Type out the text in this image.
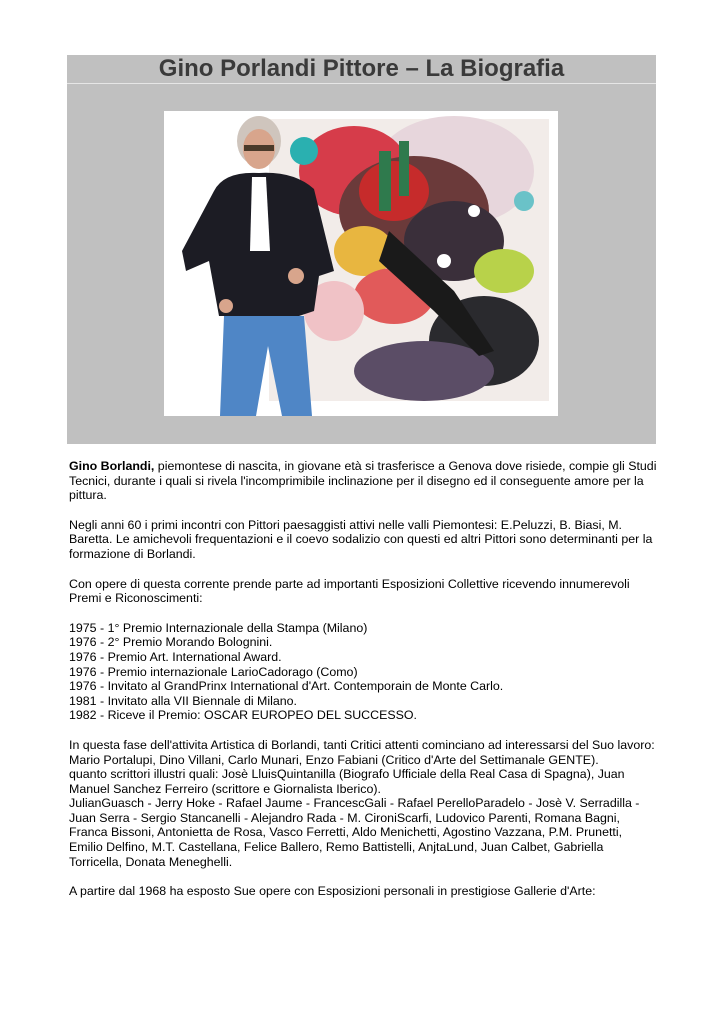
Gino Porlandi Pittore – La Biografia

Gino Borlandi, piemontese di nascita, in giovane età si trasferisce a Genova dove risiede, compie gli Studi Tecnici, durante i quali si rivela l'incomprimibile inclinazione per il disegno ed il conseguente amore per la pittura.

Negli anni 60 i primi incontri con Pittori paesaggisti attivi nelle valli Piemontesi: E.Peluzzi, B. Biasi, M. Baretta. Le amichevoli frequentazioni e il coevo sodalizio con questi ed altri Pittori sono determinanti per la formazione di Borlandi.

Con opere di questa corrente prende parte ad importanti Esposizioni Collettive ricevendo innumerevoli Premi e Riconoscimenti:

1975 - 1° Premio Internazionale della Stampa (Milano)

1976 - 2° Premio Morando Bolognini.

1976 - Premio Art. International Award.

1976 - Premio internazionale LarioCadorago (Como)

1976 - Invitato al GrandPrinx International d'Art. Contemporain de Monte Carlo.

1981 - Invitato alla VII Biennale di Milano.

1982 - Riceve il Premio: OSCAR EUROPEO DEL SUCCESSO.

In questa fase dell'attivita Artistica di Borlandi, tanti Critici attenti cominciano ad interessarsi del Suo lavoro:

Mario Portalupi, Dino Villani, Carlo Munari, Enzo Fabiani (Critico d'Arte del Settimanale GENTE).

quanto scrittori illustri quali: Josè LluisQuintanilla (Biografo Ufficiale della Real Casa di Spagna), Juan Manuel Sanchez Ferreiro (scrittore e Giornalista Iberico).

JulianGuasch - Jerry Hoke - Rafael Jaume - FrancescGali - Rafael PerelloParadelo - Josè V. Serradilla - Juan Serra - Sergio Stancanelli - Alejandro Rada - M. CironiScarfi, Ludovico Parenti, Romana Bagni, Franca Bissoni, Antonietta de Rosa, Vasco Ferretti, Aldo Menichetti, Agostino Vazzana, P.M. Prunetti, Emilio Delfino, M.T. Castellana, Felice Ballero, Remo Battistelli, AnjtaLund, Juan Calbet, Gabriella Torricella, Donata Meneghelli.

A partire dal 1968 ha esposto Sue opere con Esposizioni personali in prestigiose Gallerie d'Arte:
